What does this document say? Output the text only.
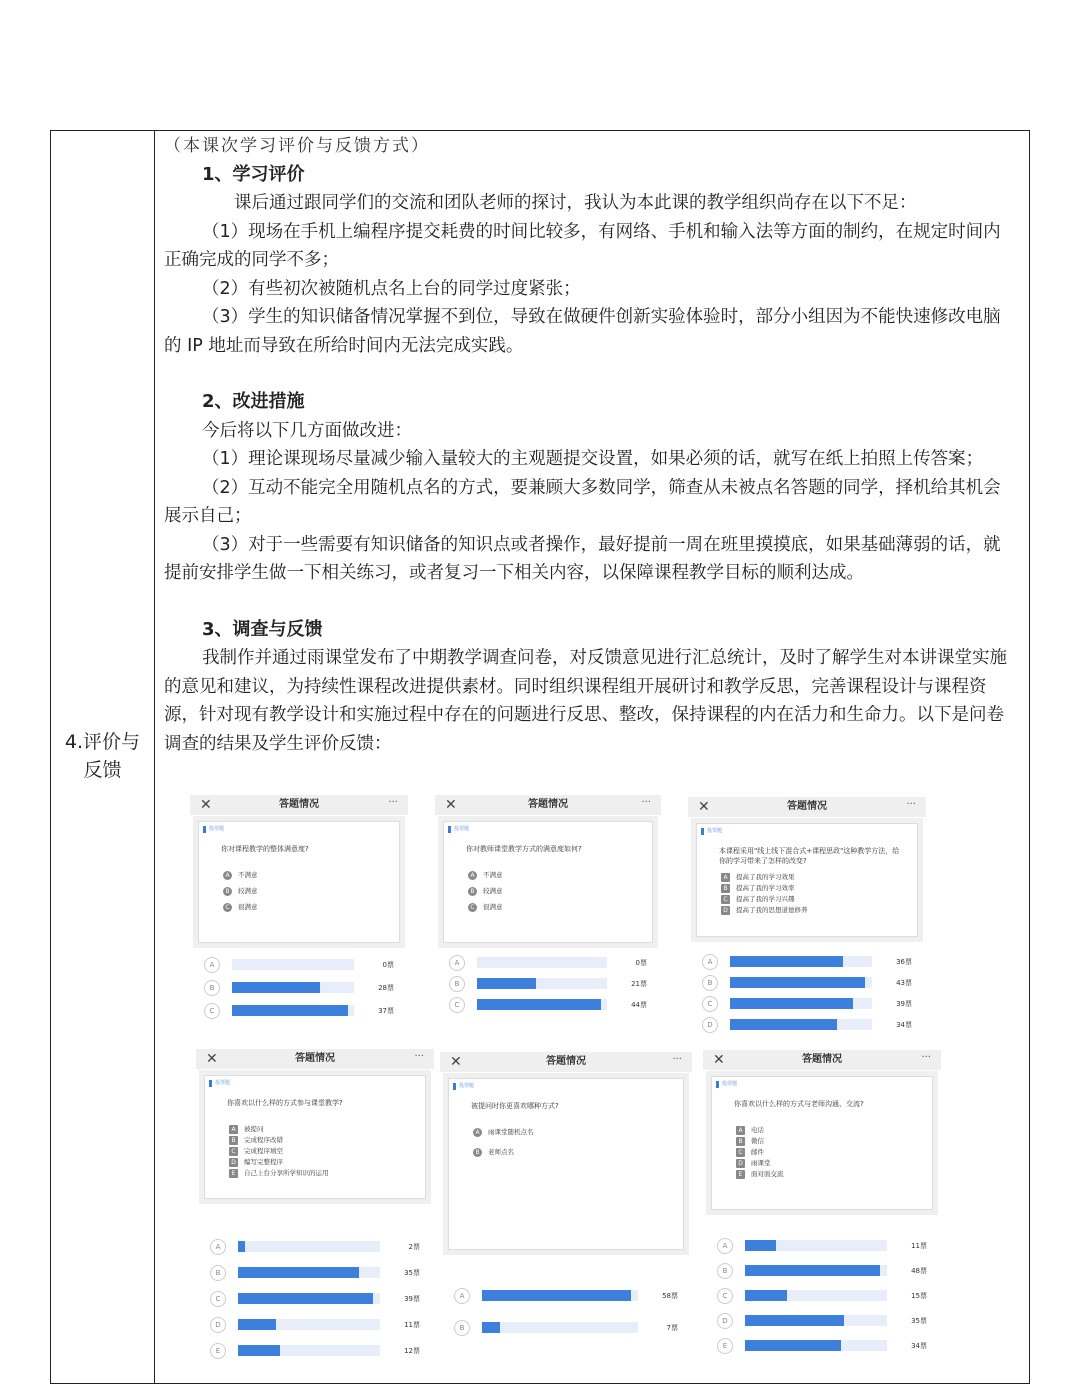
4.评价与
反馈

（本课次学习评价与反馈方式）

1、学习评价

课后通过跟同学们的交流和团队老师的探讨，我认为本此课的教学组织尚存在以下不足：

（1）现场在手机上编程序提交耗费的时间比较多，有网络、手机和输入法等方面的制约，在规定时间内正确完成的同学不多；

（2）有些初次被随机点名上台的同学过度紧张；

（3）学生的知识储备情况掌握不到位，导致在做硬件创新实验体验时，部分小组因为不能快速修改电脑的 IP 地址而导致在所给时间内无法完成实践。

2、改进措施

今后将以下几方面做改进：

（1）理论课现场尽量减少输入量较大的主观题提交设置，如果必须的话，就写在纸上拍照上传答案；

（2）互动不能完全用随机点名的方式，要兼顾大多数同学，筛查从未被点名答题的同学，择机给其机会展示自己；

（3）对于一些需要有知识储备的知识点或者操作，最好提前一周在班里摸摸底，如果基础薄弱的话，就提前安排学生做一下相关练习，或者复习一下相关内容，以保障课程教学目标的顺利达成。

3、调查与反馈

我制作并通过雨课堂发布了中期教学调查问卷，对反馈意见进行汇总统计，及时了解学生对本讲课堂实施的意见和建议，为持续性课程改进提供素材。同时组织课程组开展研讨和教学反思，完善课程设计与课程资源，针对现有教学设计和实施过程中存在的问题进行反思、整改，保持课程的内在活力和生命力。以下是问卷调查的结果及学生评价反馈：

✕	答题情况	···
投票题
你对课程教学的整体满意度?
A 不满意
B 较满意
C 很满意
A	0票
B	28票
C	37票
✕	答题情况	···
投票题
你对教师课堂教学方式的满意度如何?
A 不满意
B 较满意
C 很满意
A	0票
B	21票
C	44票
✕	答题情况	···
投票题
本课程采用"线上线下混合式+课程思政"这种教学方法，给你的学习带来了怎样的改变?
A 提高了我的学习效果
B 提高了我的学习效率
C 提高了我的学习兴趣
D 提高了我的思想道德修养
A	36票
B	43票
C	39票
D	34票
✕	答题情况	···
投票题
你喜欢以什么样的方式参与课堂教学?
A 被提问
B 完成程序改错
C 完成程序填空
D 编写完整程序
E 自己上台分享所学知识的运用
A	2票
B	35票
C	39票
D	11票
E	12票
✕	答题情况	···
投票题
被提问时你更喜欢哪种方式?
A 雨课堂随机点名
B 老师点名
A	58票
B	7票
✕	答题情况	···
投票题
你喜欢以什么样的方式与老师沟通、交流?
A 电话
B 微信
C 邮件
D 雨课堂
E 面对面交流
A	11票
B	48票
C	15票
D	35票
E	34票
